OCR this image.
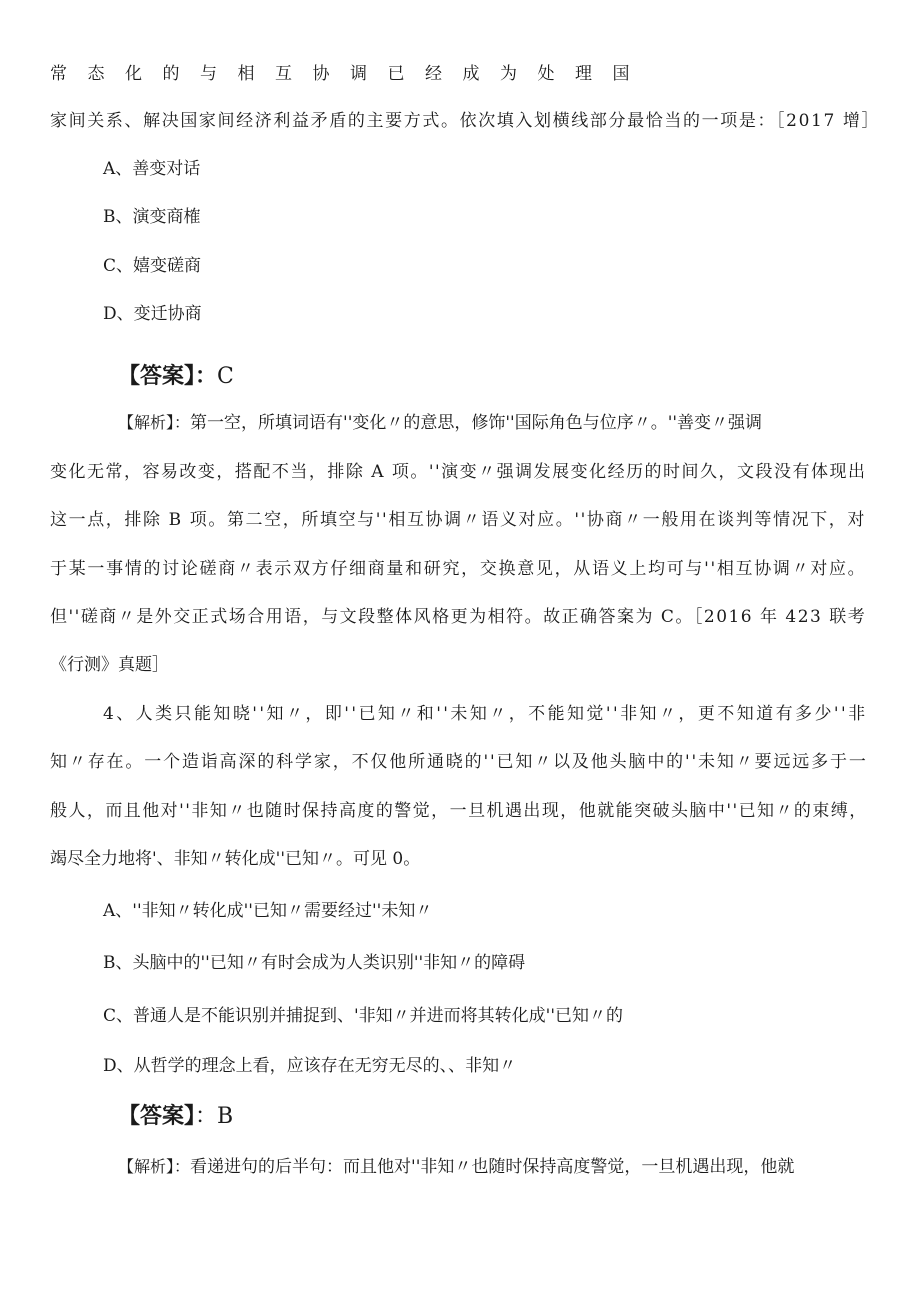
常态化的与相互协调已经成为处理国
家间关系、解决国家间经济利益矛盾的主要方式。依次填入划横线部分最恰当的一项是：［2017 增］
A、善变对话
B、演变商榷
C、嬉变磋商
D、变迁协商
【答案】：C
【解析】：第一空，所填词语有''变化〃的意思，修饰''国际角色与位序〃。''善变〃强调
变化无常，容易改变，搭配不当，排除 A 项。''演变〃强调发展变化经历的时间久，文段没有体现出
这一点，排除 B 项。第二空，所填空与''相互协调〃语义对应。''协商〃一般用在谈判等情况下，对
于某一事情的讨论磋商〃表示双方仔细商量和研究，交换意见，从语义上均可与''相互协调〃对应。
但''磋商〃是外交正式场合用语，与文段整体风格更为相符。故正确答案为 C。［2016 年 423 联考
《行测》真题］
4、人类只能知晓''知〃，即''已知〃和''未知〃，不能知觉''非知〃，更不知道有多少''非
知〃存在。一个造诣高深的科学家，不仅他所通晓的''已知〃以及他头脑中的''未知〃要远远多于一
般人，而且他对''非知〃也随时保持高度的警觉，一旦机遇出现，他就能突破头脑中''已知〃的束缚，
竭尽全力地将'、非知〃转化成''已知〃。可见 0。
A、''非知〃转化成''已知〃需要经过''未知〃
B、头脑中的''已知〃有时会成为人类识别''非知〃的障碍
C、普通人是不能识别并捕捉到、'非知〃并进而将其转化成''已知〃的
D、从哲学的理念上看，应该存在无穷无尽的、、非知〃
【答案】：B
【解析】：看递进句的后半句：而且他对''非知〃也随时保持高度警觉，一旦机遇出现，他就
